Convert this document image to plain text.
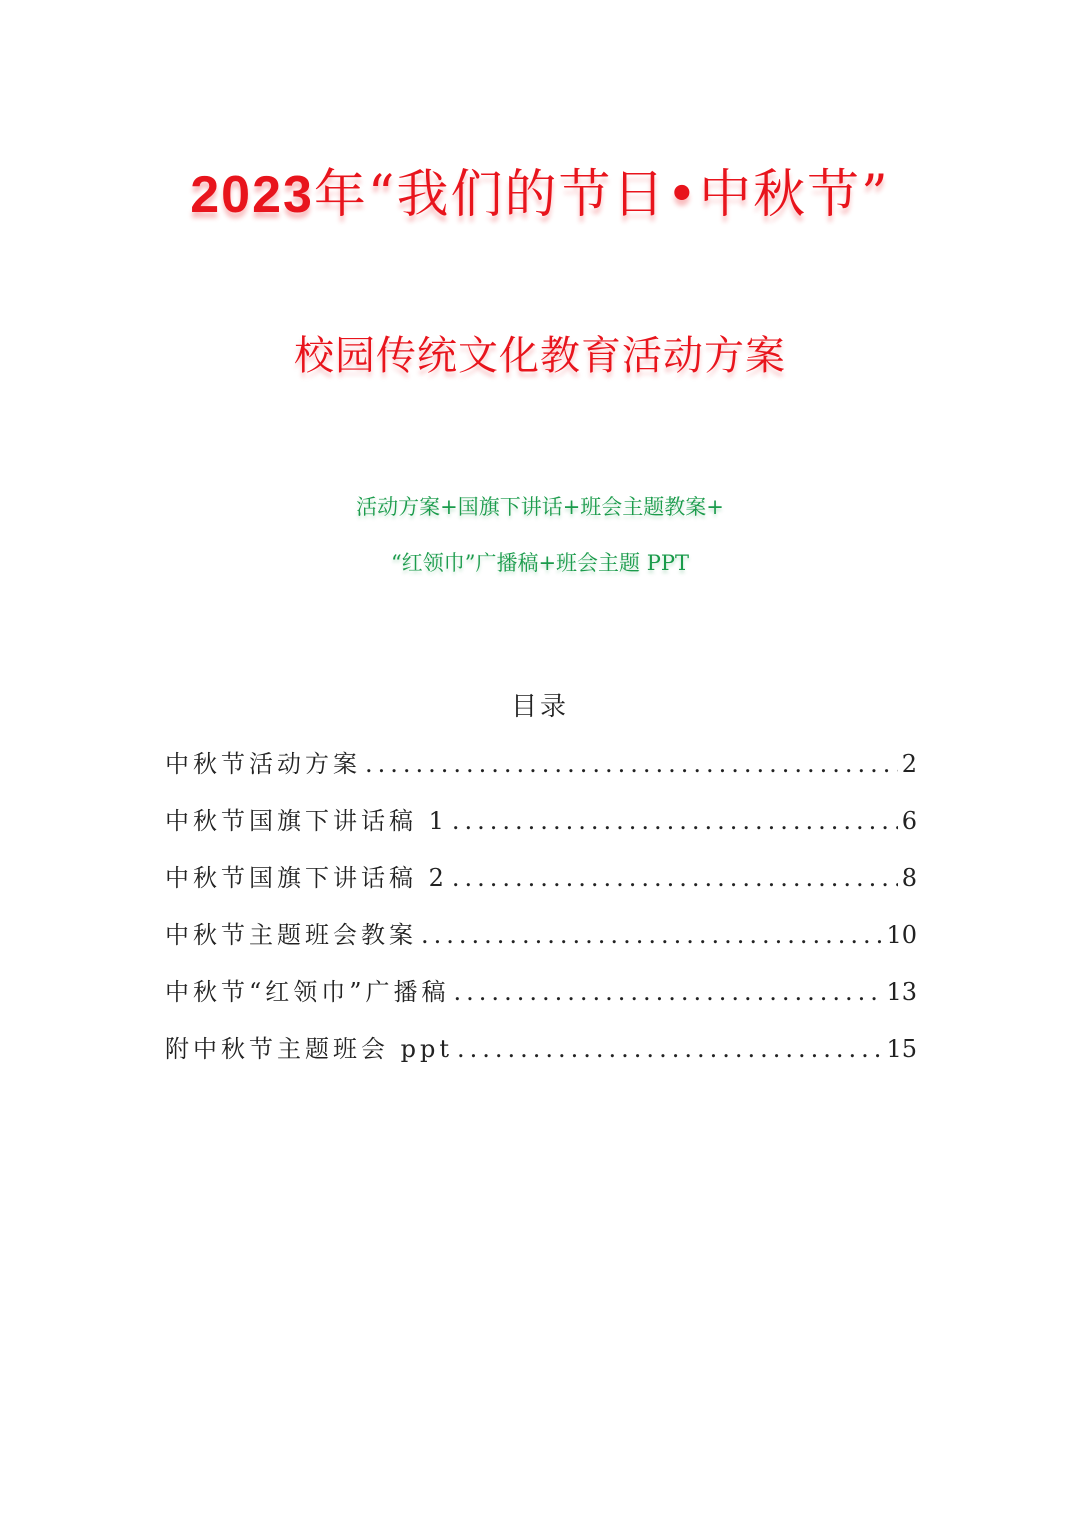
2023年“我们的节日•中秋节”
校园传统文化教育活动方案
活动方案+国旗下讲话+班会主题教案+
“红领巾”广播稿+班会主题 PPT
目录
中秋节活动方案 .....	2
中秋节国旗下讲话稿 1 .....	6
中秋节国旗下讲话稿 2 .....	8
中秋节主题班会教案 .....	10
中秋节“红领巾”广播稿 .....	13
附中秋节主题班会 ppt .....	15
